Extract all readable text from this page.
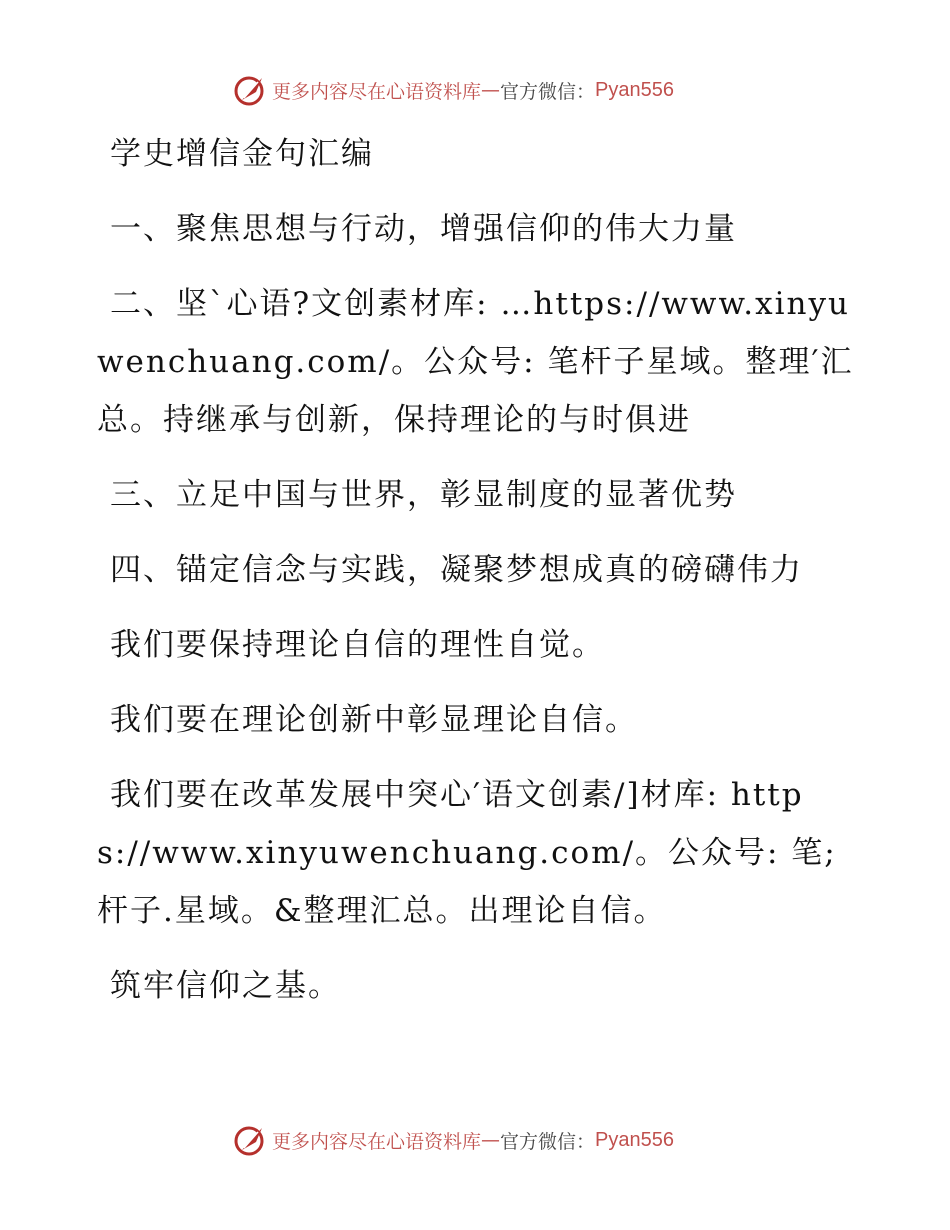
更多内容尽在心语资料库 — 官方微信： Pyan556

学史增信金句汇编

一、聚焦思想与行动，增强信仰的伟大力量

二、坚`心语?文创素材库: …https://www.xinyuwenchuang.com/。公众号: 笔杆子星域。整理′汇总。持继承与创新，保持理论的与时俱进

三、立足中国与世界，彰显制度的显著优势

四、锚定信念与实践，凝聚梦想成真的磅礴伟力

我们要保持理论自信的理性自觉。

我们要在理论创新中彰显理论自信。

我们要在改革发展中突心′语文创素/]材库: https://www.xinyuwenchuang.com/。公众号: 笔;杆子.星域。&整理汇总。出理论自信。

筑牢信仰之基。

更多内容尽在心语资料库 — 官方微信： Pyan556
